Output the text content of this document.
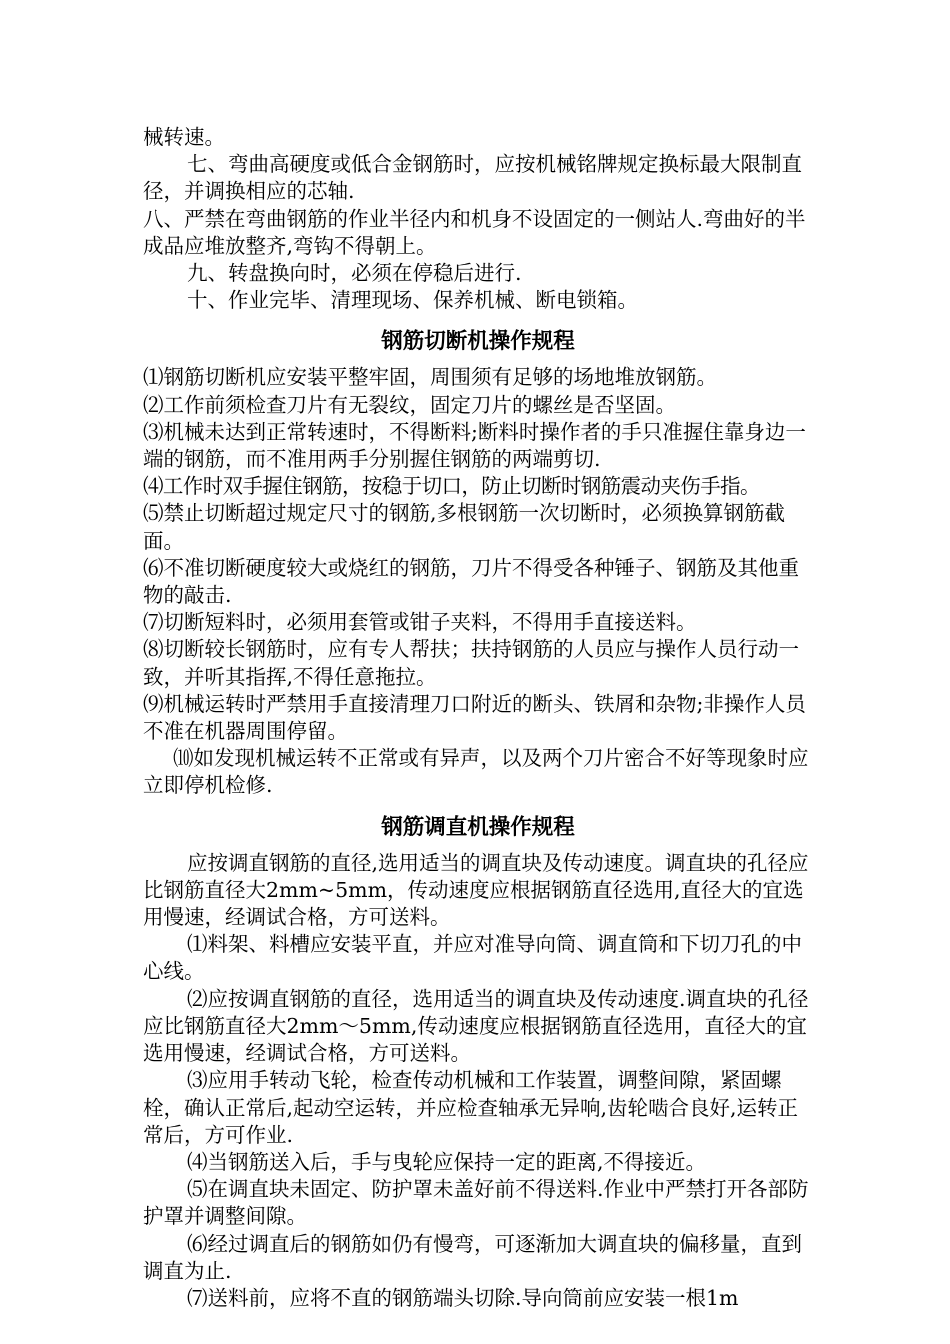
械转速。

七、弯曲高硬度或低合金钢筋时，应按机械铭牌规定换标最大限制直径，并调换相应的芯轴.

八、严禁在弯曲钢筋的作业半径内和机身不设固定的一侧站人.弯曲好的半成品应堆放整齐,弯钩不得朝上。

九、转盘换向时，必须在停稳后进行.

十、作业完毕、清理现场、保养机械、断电锁箱。

钢筋切断机操作规程

⑴钢筋切断机应安装平整牢固，周围须有足够的场地堆放钢筋。

⑵工作前须检查刀片有无裂纹，固定刀片的螺丝是否坚固。

⑶机械未达到正常转速时，不得断料;断料时操作者的手只准握住靠身边一端的钢筋，而不准用两手分别握住钢筋的两端剪切.

⑷工作时双手握住钢筋，按稳于切口，防止切断时钢筋震动夹伤手指。

⑸禁止切断超过规定尺寸的钢筋,多根钢筋一次切断时，必须换算钢筋截面。

⑹不准切断硬度较大或烧红的钢筋，刀片不得受各种锤子、钢筋及其他重物的敲击.

⑺切断短料时，必须用套管或钳子夹料，不得用手直接送料。

⑻切断较长钢筋时，应有专人帮扶；扶持钢筋的人员应与操作人员行动一致，并听其指挥,不得任意拖拉。

⑼机械运转时严禁用手直接清理刀口附近的断头、铁屑和杂物;非操作人员不准在机器周围停留。

⑽如发现机械运转不正常或有异声，以及两个刀片密合不好等现象时应立即停机检修.

钢筋调直机操作规程

应按调直钢筋的直径,选用适当的调直块及传动速度。调直块的孔径应比钢筋直径大2mm~5mm，传动速度应根据钢筋直径选用,直径大的宜选用慢速，经调试合格，方可送料。

⑴料架、料槽应安装平直，并应对准导向筒、调直筒和下切刀孔的中心线。

⑵应按调直钢筋的直径，选用适当的调直块及传动速度.调直块的孔径应比钢筋直径大2mm～5mm,传动速度应根据钢筋直径选用，直径大的宜选用慢速，经调试合格，方可送料。

⑶应用手转动飞轮，检查传动机械和工作装置，调整间隙，紧固螺栓，确认正常后,起动空运转，并应检查轴承无异响,齿轮啮合良好,运转正常后，方可作业.

⑷当钢筋送入后，手与曳轮应保持一定的距离,不得接近。

⑸在调直块未固定、防护罩未盖好前不得送料.作业中严禁打开各部防护罩并调整间隙。

⑹经过调直后的钢筋如仍有慢弯，可逐渐加大调直块的偏移量，直到调直为止.

⑺送料前，应将不直的钢筋端头切除.导向筒前应安装一根1m
